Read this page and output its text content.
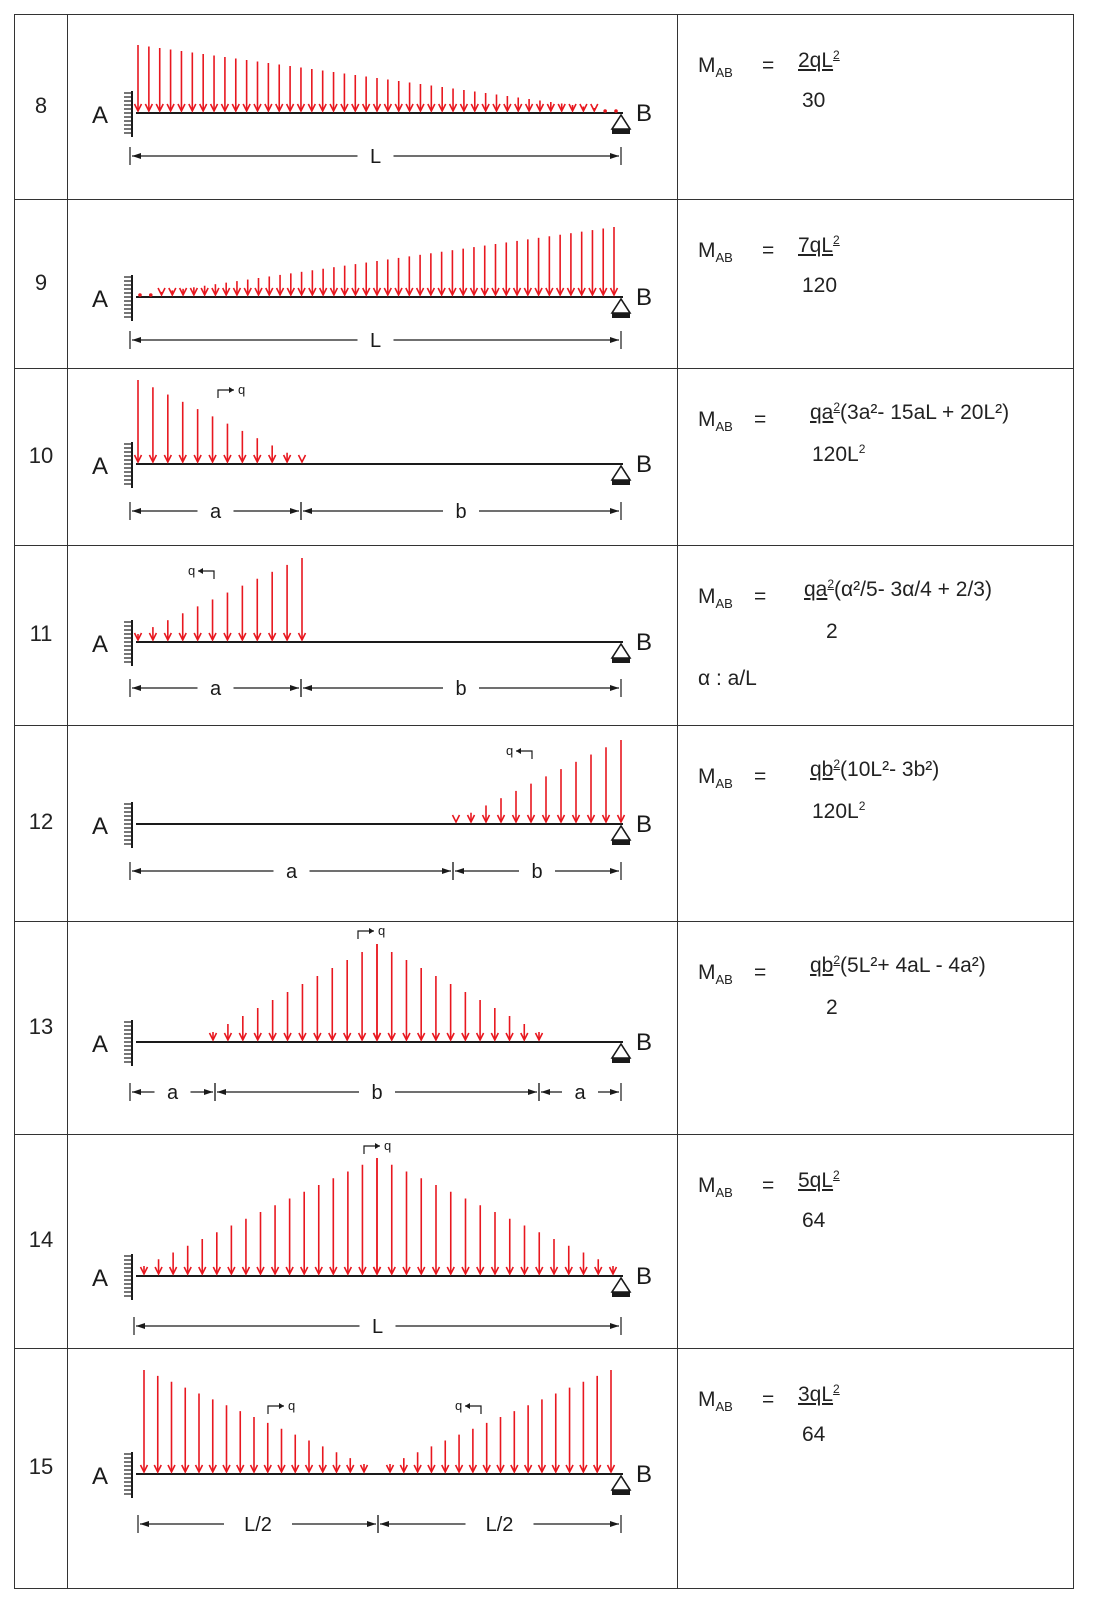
8
$M_{AB} = 2qL^2$
30
A	B
L
9
$M_{AB} = 7qL^2$
120
A	B
L
10
$M_{AB} = qa^2(3a^2-$ 15aL + 20L²)
$120L^2$
A	B
q
a	b
11
$M_{AB} = qa^2(\alpha^2/5-$ 3α/4 + 2/3)
2
α : a/L
A	B
q
a	b
12
$M_{AB} = qb^2(10L^2-$ 3b²)
$120L^2$
A	B
q
a	b
13
$M_{AB} = qb^2(5L^2+ 4aL - 4a^2)$
2
A	B
q
a	b	a
14
$M_{AB} = 5qL^2$
64
A	B
q
L
15
$M_{AB} = 3qL^2$
64
A	B
q	q
L/2	L/2
